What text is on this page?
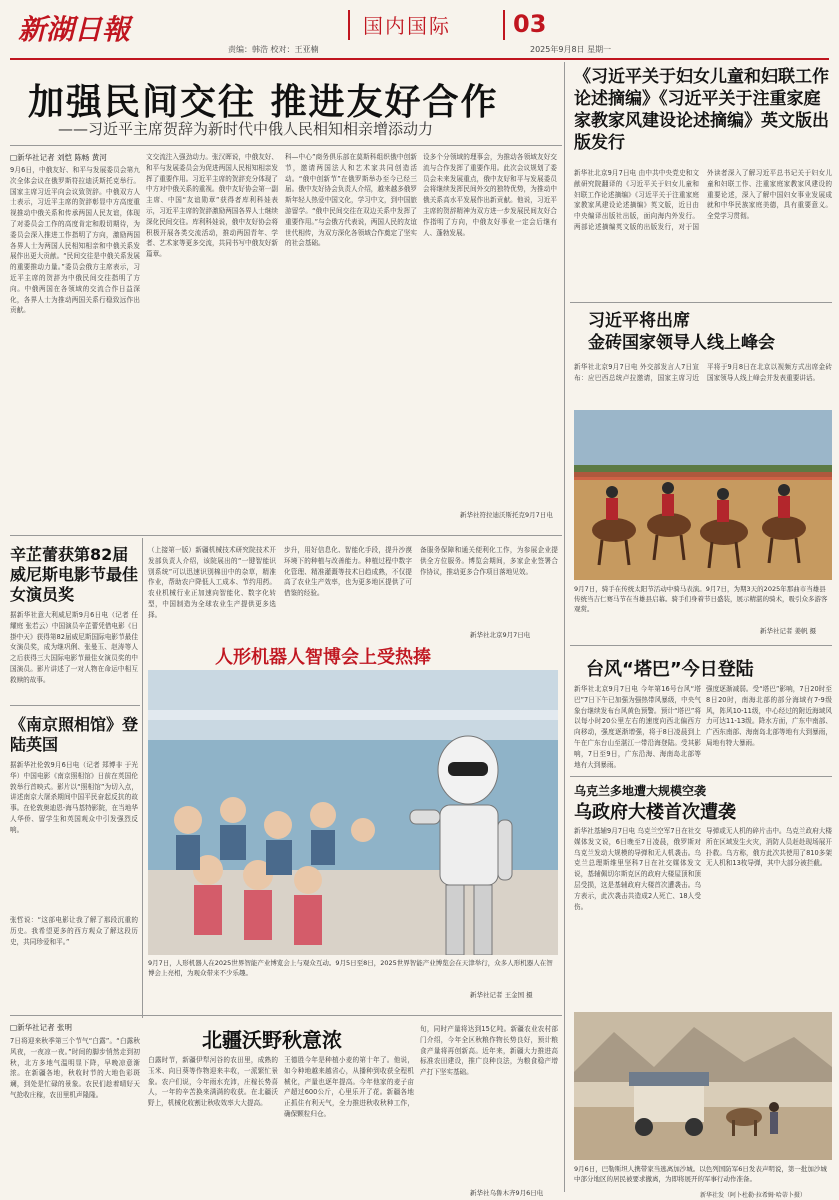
新湖日報	国内国际	03
责编：韩浩 校对：王亚楠	2025年9月8日 星期一
加强民间交往 推进友好合作
——习近平主席贺辞为新时代中俄人民相知相亲增添动力
□新华社记者 刘恺 陈畅 黄河
9月6日，中俄友好、和平与发展委员会第九次全体会议在俄罗斯符拉迪沃斯托克举行。国家主席习近平向会议致贺辞。中俄双方人士表示，习近平主席的贺辞彰显中方高度重视推动中俄关系和传承两国人民友谊，体现了对委员会工作的高度肯定和殷切期待，为委员会深入推进工作指明了方向，激励两国各界人士为两国人民相知相亲和中俄关系发展作出更大贡献。“民间交往是中俄关系发展的重要推动力量。”委员会俄方主席表示，习近平主席的贺辞为中俄民间交往指明了方向。中俄两国在各领域的交流合作日益深化，各界人士为推动两国关系行稳致远作出贡献。
文交流注入强劲动力。张汉晖说，中俄友好、和平与发展委员会为促进两国人民相知相亲发挥了重要作用。习近平主席的贺辞充分体现了中方对中俄关系的重视。俄中友好协会第一副主席、中国“友谊勋章”获得者库利科娃表示，习近平主席的贺辞激励两国各界人士继续深化民间交往。库利科娃说，俄中友好协会将积极开展各类交流活动，推动两国青年、学者、艺术家等更多交流，共同书写中俄友好新篇章。
科—中心”商务俱乐部在莫斯科组织俄中创新节，邀请两国法人和艺术家共同创造活动。“俄中创新节”在俄罗斯举办至今已经三届。俄中友好协会负责人介绍，越来越多俄罗斯年轻人热爱中国文化，学习中文，到中国旅游留学。“俄中民间交往在双边关系中发挥了重要作用。”与会俄方代表说，两国人民的友谊世代相传，为双方深化各领域合作奠定了坚实的社会基础。
设多个分领域的理事会，为推动各领域友好交流与合作发挥了重要作用。此次会议规划了委员会未来发展重点，俄中友好和平与发展委员会将继续发挥民间外交的独特优势，为推动中俄关系高水平发展作出新贡献。他说，习近平主席的贺辞精神为双方进一步发展民间友好合作指明了方向，中俄友好事业一定会后继有人、蓬勃发展。
新华社符拉迪沃斯托克9月7日电
《习近平关于妇女儿童和妇联工作论述摘编》《习近平关于注重家庭家教家风建设论述摘编》英文版出版发行
新华社北京9月7日电 由中共中央党史和文献研究院翻译的《习近平关于妇女儿童和妇联工作论述摘编》《习近平关于注重家庭家教家风建设论述摘编》英文版，近日由中央编译出版社出版，面向海内外发行。两部论述摘编英文版的出版发行，对于国外读者深入了解习近平总书记关于妇女儿童和妇联工作、注重家庭家教家风建设的重要论述，深入了解中国妇女事业发展成就和中华民族家庭美德，具有重要意义。全党学习贯彻。
习近平将出席
金砖国家领导人线上峰会
新华社北京9月7日电 外交部发言人7日宣布：应巴西总统卢拉邀请，国家主席习近平将于9月8日在北京以视频方式出席金砖国家领导人线上峰会并发表重要讲话。
9月7日，骑手在传统太阳节活动中骑马表演。9月7日，为期3天的2025年那曲市当雄县传统当吉仁赛马节在当雄县启幕。骑手们身着节日盛装，展示精湛的骑术，吸引众多游客观赏。
新华社记者 姜帆 摄
台风“塔巴”今日登陆
新华社北京9月7日电 今年第16号台风“塔巴”7日下午已加强为强热带风暴级，中央气象台继续发布台风黄色预警。预计“塔巴”将以每小时20公里左右的速度向西北偏西方向移动，强度逐渐增强，将于8日凌晨到上午在广东台山至湛江一带沿海登陆。受其影响，7日至9日，广东沿海、海南岛北部等地有大到暴雨。
强度逐渐减弱。受“塔巴”影响，7日20时至8日20时，南海北部的部分海域有7-9级风，阵风10-11级，中心经过的附近海域风力可达11-13级。降水方面，广东中南部、广西东南部、海南岛北部等地有大到暴雨，局地有特大暴雨。
乌克兰多地遭大规模空袭
乌政府大楼首次遭袭
新华社基辅9月7日电 乌克兰空军7日在社交媒体发文说，6日晚至7日凌晨，俄罗斯对乌克兰发动大规模的导弹和无人机袭击。乌克兰总理斯维里坚科7日在社交媒体发文说，基辅佩切尔斯克区的政府大楼屋顶和顶层受损，这是基辅政府大楼首次遭袭击。乌方表示，此次袭击共造成2人死亡、18人受伤。
导弹或无人机的碎片击中。乌克兰政府大楼所在区域发生火灾，消防人员赶赴现场展开扑救。乌方称，俄方此次共使用了810多架无人机和13枚导弹，其中大部分被拦截。
9月6日，巴勒斯坦人携带家当逃离加沙城。以色列国防军6日发表声明说，第一批加沙城中部分地区的居民被要求撤离，为即将展开的军事行动作准备。
新华社发（阿卜杜勒·拉希姆·哈蒂卜摄）
辛芷蕾获第82届威尼斯电影节最佳女演员奖
据新华社意大利威尼斯9月6日电（记者 任耀庭 张若云）中国演员辛芷蕾凭借电影《日掛中天》获得第82届威尼斯国际电影节最佳女演员奖，成为继巩俐、张曼玉、赵涛等人之后获得三大国际电影节最佳女演员奖的中国演员。影片讲述了一对人物在命运中相互救赎的故事。
《南京照相馆》登陆英国
据新华社伦敦9月6日电（记者 郑博非 于光华）中国电影《南京照相馆》日前在英国伦敦举行首映式。影片以“照相馆”为切入点，讲述南京大屠杀期间中国平民奋起反抗的故事。在伦敦奥迪恩-海马基特影院，在当地华人华侨、留学生和英国观众中引发强烈反响。
张哲说：“这部电影让我了解了那段沉重的历史。我希望更多的西方观众了解这段历史，共同珍爱和平。”
（上接第一版）新疆机械技术研究院技术开发部负责人介绍，该院展出的“一键智能识别系统”可以迅速识别棉田中的杂草，精准作业，帮助农户降低人工成本、节约用药。农业机械行业正加速向智能化、数字化转型，中国制造为全球农业生产提供更多选择。
步升，用好信息化、智能化手段，提升沙漠环境下的种植与改善能力。种植过程中数字化管理、精准灌溉等技术日趋成熟，不仅提高了农业生产效率，也为更多地区提供了可借鉴的经验。
备服务保障和通关便利化工作，为参展企业提供全方位服务。博览会期间，多家企业签署合作协议，推动更多合作项目落地见效。
新华社北京9月7日电
人形机器人智博会上受热捧
9月7日，人形机器人在2025世界智能产业博览会上与观众互动。9月5日至8日，2025世界智能产业博览会在天津举行，众多人形机器人在智博会上亮相，为观众带来不少乐趣。
新华社记者 王金国 摄
□新华社记者 张明
北疆沃野秋意浓
7日将迎来秋季第三个节气“白露”。“白露秋风夜，一夜凉一夜。”时间的脚步悄然走到初秋，北方多地气温明显下降，早晚凉意渐浓。在新疆各地，秋收时节的大地色彩斑斓，到处是忙碌的景象。农民们趁着晴好天气抢收庄稼，农田里机声隆隆。
白露时节，新疆伊犁河谷的农田里，成熟的玉米、向日葵等作物迎来丰收，一派繁忙景象。农户们说，今年雨水充沛，庄稼长势喜人，一年的辛苦换来满满的收获。在北疆沃野上，机械化收割让秋收效率大大提高。
王德胜今年是种植小麦的第十年了。他说，如今种地越来越省心，从播种到收获全程机械化，产量也逐年提高。今年他家的麦子亩产超过600公斤，心里乐开了花。新疆各地正抓住有利天气，全力推进秋收秋种工作，确保颗粒归仓。
旬，同时产量将达到15亿吨。新疆农业农村部门介绍，今年全区秋粮作物长势良好，预计粮食产量将再创新高。近年来，新疆大力推进高标准农田建设，推广良种良法，为粮食稳产增产打下坚实基础。
新华社乌鲁木齐9月6日电
